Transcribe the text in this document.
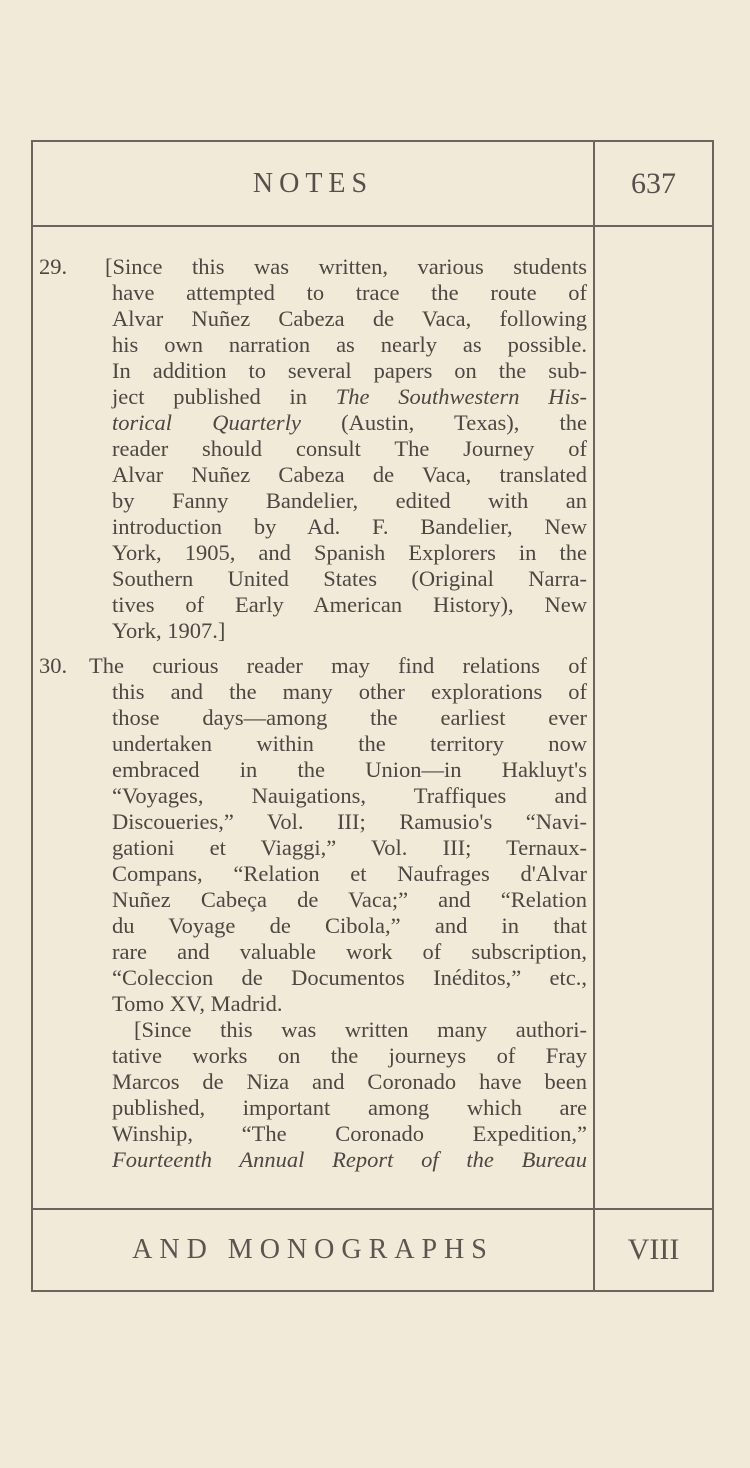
NOTES	637
29.	[Since this was written, various students
have attempted to trace the route of
Alvar Nuñez Cabeza de Vaca, following
his own narration as nearly as possible.
In addition to several papers on the sub-
ject published in The Southwestern His-
torical Quarterly (Austin, Texas), the
reader should consult The Journey of
Alvar Nuñez Cabeza de Vaca, translated
by Fanny Bandelier, edited with an
introduction by Ad. F. Bandelier, New
York, 1905, and Spanish Explorers in the
Southern United States (Original Narra-
tives of Early American History), New
York, 1907.]
30. The curious reader may find relations of
this and the many other explorations of
those days—among the earliest ever
undertaken within the territory now
embraced in the Union—in Hakluyt's
“Voyages, Nauigations, Traffiques and
Discoueries,” Vol. III; Ramusio's “Navi-
gationi et Viaggi,” Vol. III; Ternaux-
Compans, “Relation et Naufrages d'Alvar
Nuñez Cabeça de Vaca;” and “Relation
du Voyage de Cibola,” and in that
rare and valuable work of subscription,
“Coleccion de Documentos Inéditos,” etc.,
Tomo XV, Madrid.
[Since this was written many authori-
tative works on the journeys of Fray
Marcos de Niza and Coronado have been
published, important among which are
Winship, “The Coronado Expedition,”
Fourteenth Annual Report of the Bureau
AND MONOGRAPHS	VIII
